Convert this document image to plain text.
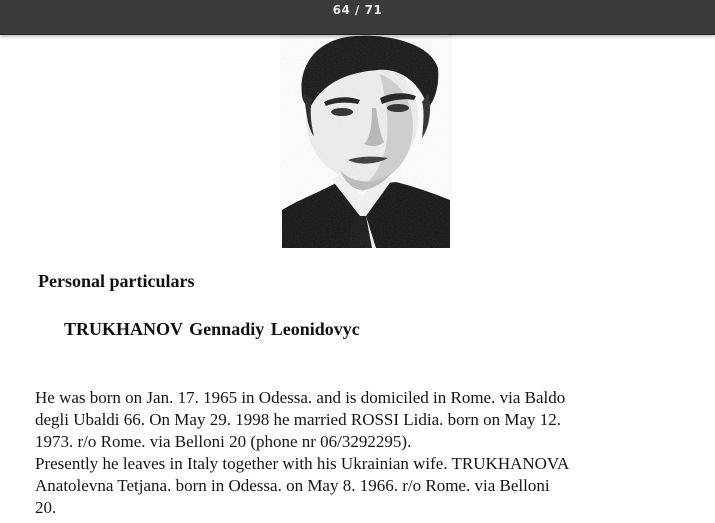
64 / 71
Personal particulars
TRUKHANOV Gennadiy Leonidovyc

He was born on Jan. 17. 1965 in Odessa. and is domiciled in Rome. via Baldo
degli Ubaldi 66. On May 29. 1998 he married ROSSI Lidia. born on May 12.
1973. r/o Rome. via Belloni 20 (phone nr 06/3292295).
Presently he leaves in Italy together with his Ukrainian wife. TRUKHANOVA
Anatolevna Tetjana. born in Odessa. on May 8. 1966. r/o Rome. via Belloni
20.
